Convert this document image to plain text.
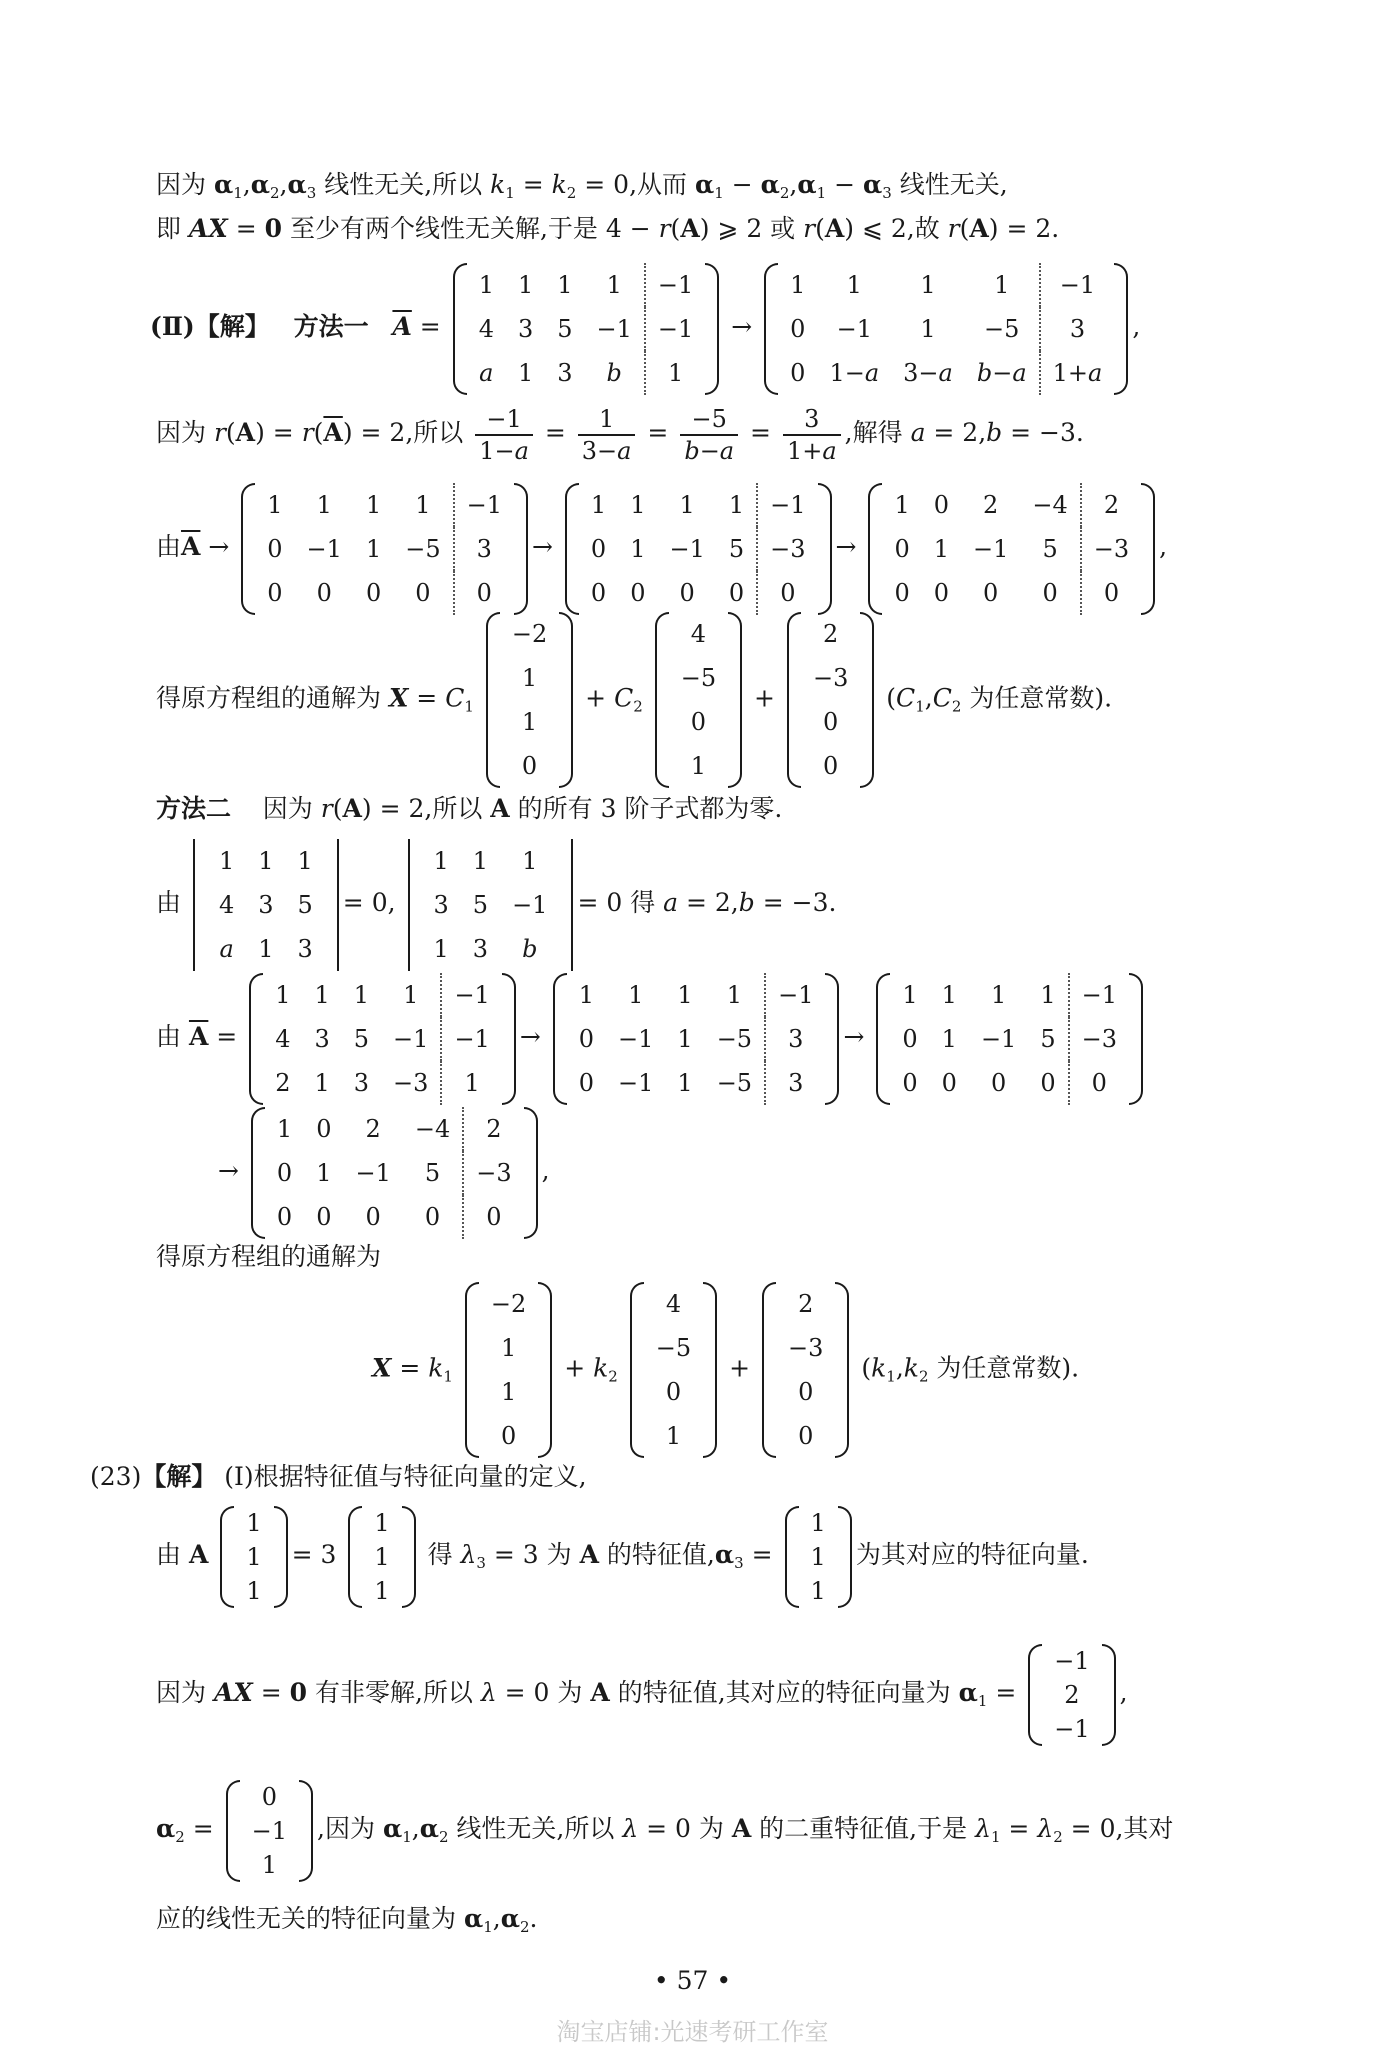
因为 $\alpha_1,\alpha_2,\alpha_3$ 线性无关,所以 $k_1 = k_2 = 0$,从而 $\alpha_1 - \alpha_2,\alpha_1 - \alpha_3$ 线性无关,
即 AX = 0 至少有两个线性无关解,于是 4 − r(A) ⩾ 2 或 r(A) ⩽ 2,故 r(A) = 2.
(Ⅱ)【解】 方法一 $\overline{A}$ =
1	1	1	1	−1
4	3	5	−1	−1
a	1	3	b	1
→
1	1	1	1	−1
0	−1	1	−5	3
0	1−a	3−a	b−a	1+a
,
因为 $r(A) = r(\overline{A}) = 2$,所以 $\frac{-1}{1-a} = \frac{1}{3-a} = \frac{-5}{b-a} = \frac{3}{1+a}$ ,解得 a = 2,b = −3.
由$\overline{A}$ →
1	1	1	1	−1
0	−1	1	−5	3
0	0	0	0	0
→
1	1	1	1	−1
0	1	−1	5	−3
0	0	0	0	0
→
1	0	2	−4	2
0	1	−1	5	−3
0	0	0	0	0
,
得原方程组的通解为 $X = C_1$
−2
1
1
0
+ $C_2$
4
−5
0
1
+
2
−3
0
0
($C_1,C_2$ 为任意常数).
方法二    因为 r(A) = 2,所以 A 的所有 3 阶子式都为零.
由
1	1	1
4	3	5
a	1	3
= 0,
1	1	1
3	5	−1
1	3	b
= 0 得 a = 2,b = −3.
由 $\overline{A}$ =
1	1	1	1	−1
4	3	5	−1	−1
2	1	3	−3	1
→
1	1	1	1	−1
0	−1	1	−5	3
0	−1	1	−5	3
→
1	1	1	1	−1
0	1	−1	5	−3
0	0	0	0	0
→
1	0	2	−4	2
0	1	−1	5	−3
0	0	0	0	0
,
得原方程组的通解为
$X = k_1$
−2
1
1
0
+ $k_2$
4
−5
0
1
+
2
−3
0
0
($k_1,k_2$ 为任意常数).
(23)【解】 (Ⅰ)根据特征值与特征向量的定义,
由 A
1
1
1
= 3
1
1
1
得 $\lambda_3 = 3$ 为 A 的特征值$,\alpha_3$ =
1
1
1
为其对应的特征向量.
因为 AX = 0 有非零解,所以 λ = 0 为 A 的特征值,其对应的特征向量为 $\alpha_1$ =
−1
2
−1
,
$\alpha_2$ =
0
−1
1
,因为 $\alpha_1,\alpha_2$ 线性无关,所以 λ = 0 为 A 的二重特征值,于是 $\lambda_1 = \lambda_2 = 0$,其对
应的线性无关的特征向量为 $\alpha_1,\alpha_2$.
• 57 •
淘宝店铺:光速考研工作室
